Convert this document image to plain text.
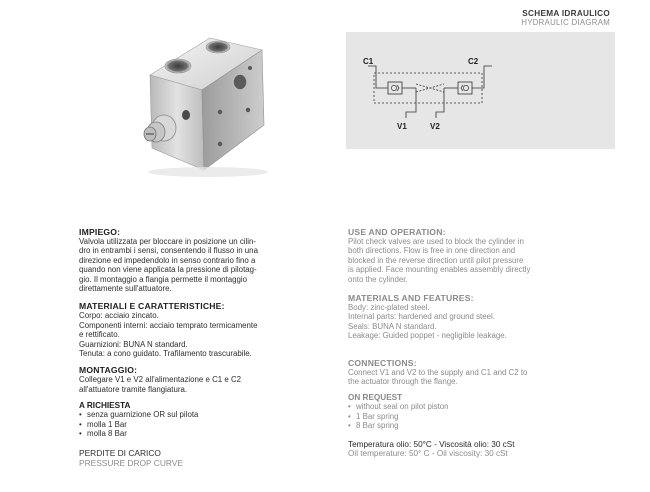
SCHEMA IDRAULICO
HYDRAULIC DIAGRAM
C1	C2
V1	V2
IMPIEGO:
Valvola utilizzata per bloccare in posizione un cilin-
dro in entrambi i sensi, consentendo il flusso in una
direzione ed impedendolo in senso contrario fino a
quando non viene applicata la pressione di pilotag-
gio. Il montaggio a flangia permette il montaggio
direttamente sull'attuatore.
MATERIALI E CARATTERISTICHE:
Corpo: acciaio zincato.
Componenti interni: acciaio temprato termicamente
e rettificato.
Guarnizioni: BUNA N standard.
Tenuta: a cono guidato. Trafilamento trascurabile.
MONTAGGIO:
Collegare V1 e V2 all'alimentazione e C1 e C2
all'attuatore tramite flangiatura.
A RICHIESTA
• senza guarnizione OR sul pilota
• molla 1 Bar
• molla 8 Bar
PERDITE DI CARICO
PRESSURE DROP CURVE
USE AND OPERATION:
Pilot check valves are used to block the cylinder in
both directions. Flow is free in one direction and
blocked in the reverse direction until pilot pressure
is applied. Face mounting enables assembly directly
onto the cylinder.
MATERIALS AND FEATURES:
Body: zinc-plated steel.
Internal parts: hardened and ground steel.
Seals: BUNA N standard.
Leakage: Guided poppet - negligible leakage.
CONNECTIONS:
Connect V1 and V2 to the supply and C1 and C2 to
the actuator through the flange.
ON REQUEST
• without seal on pilot piston
• 1 Bar spring
• 8 Bar spring
Temperatura olio: 50°C - Viscosità olio: 30 cSt
Oil temperature: 50° C - Oil viscosity: 30 cSt
